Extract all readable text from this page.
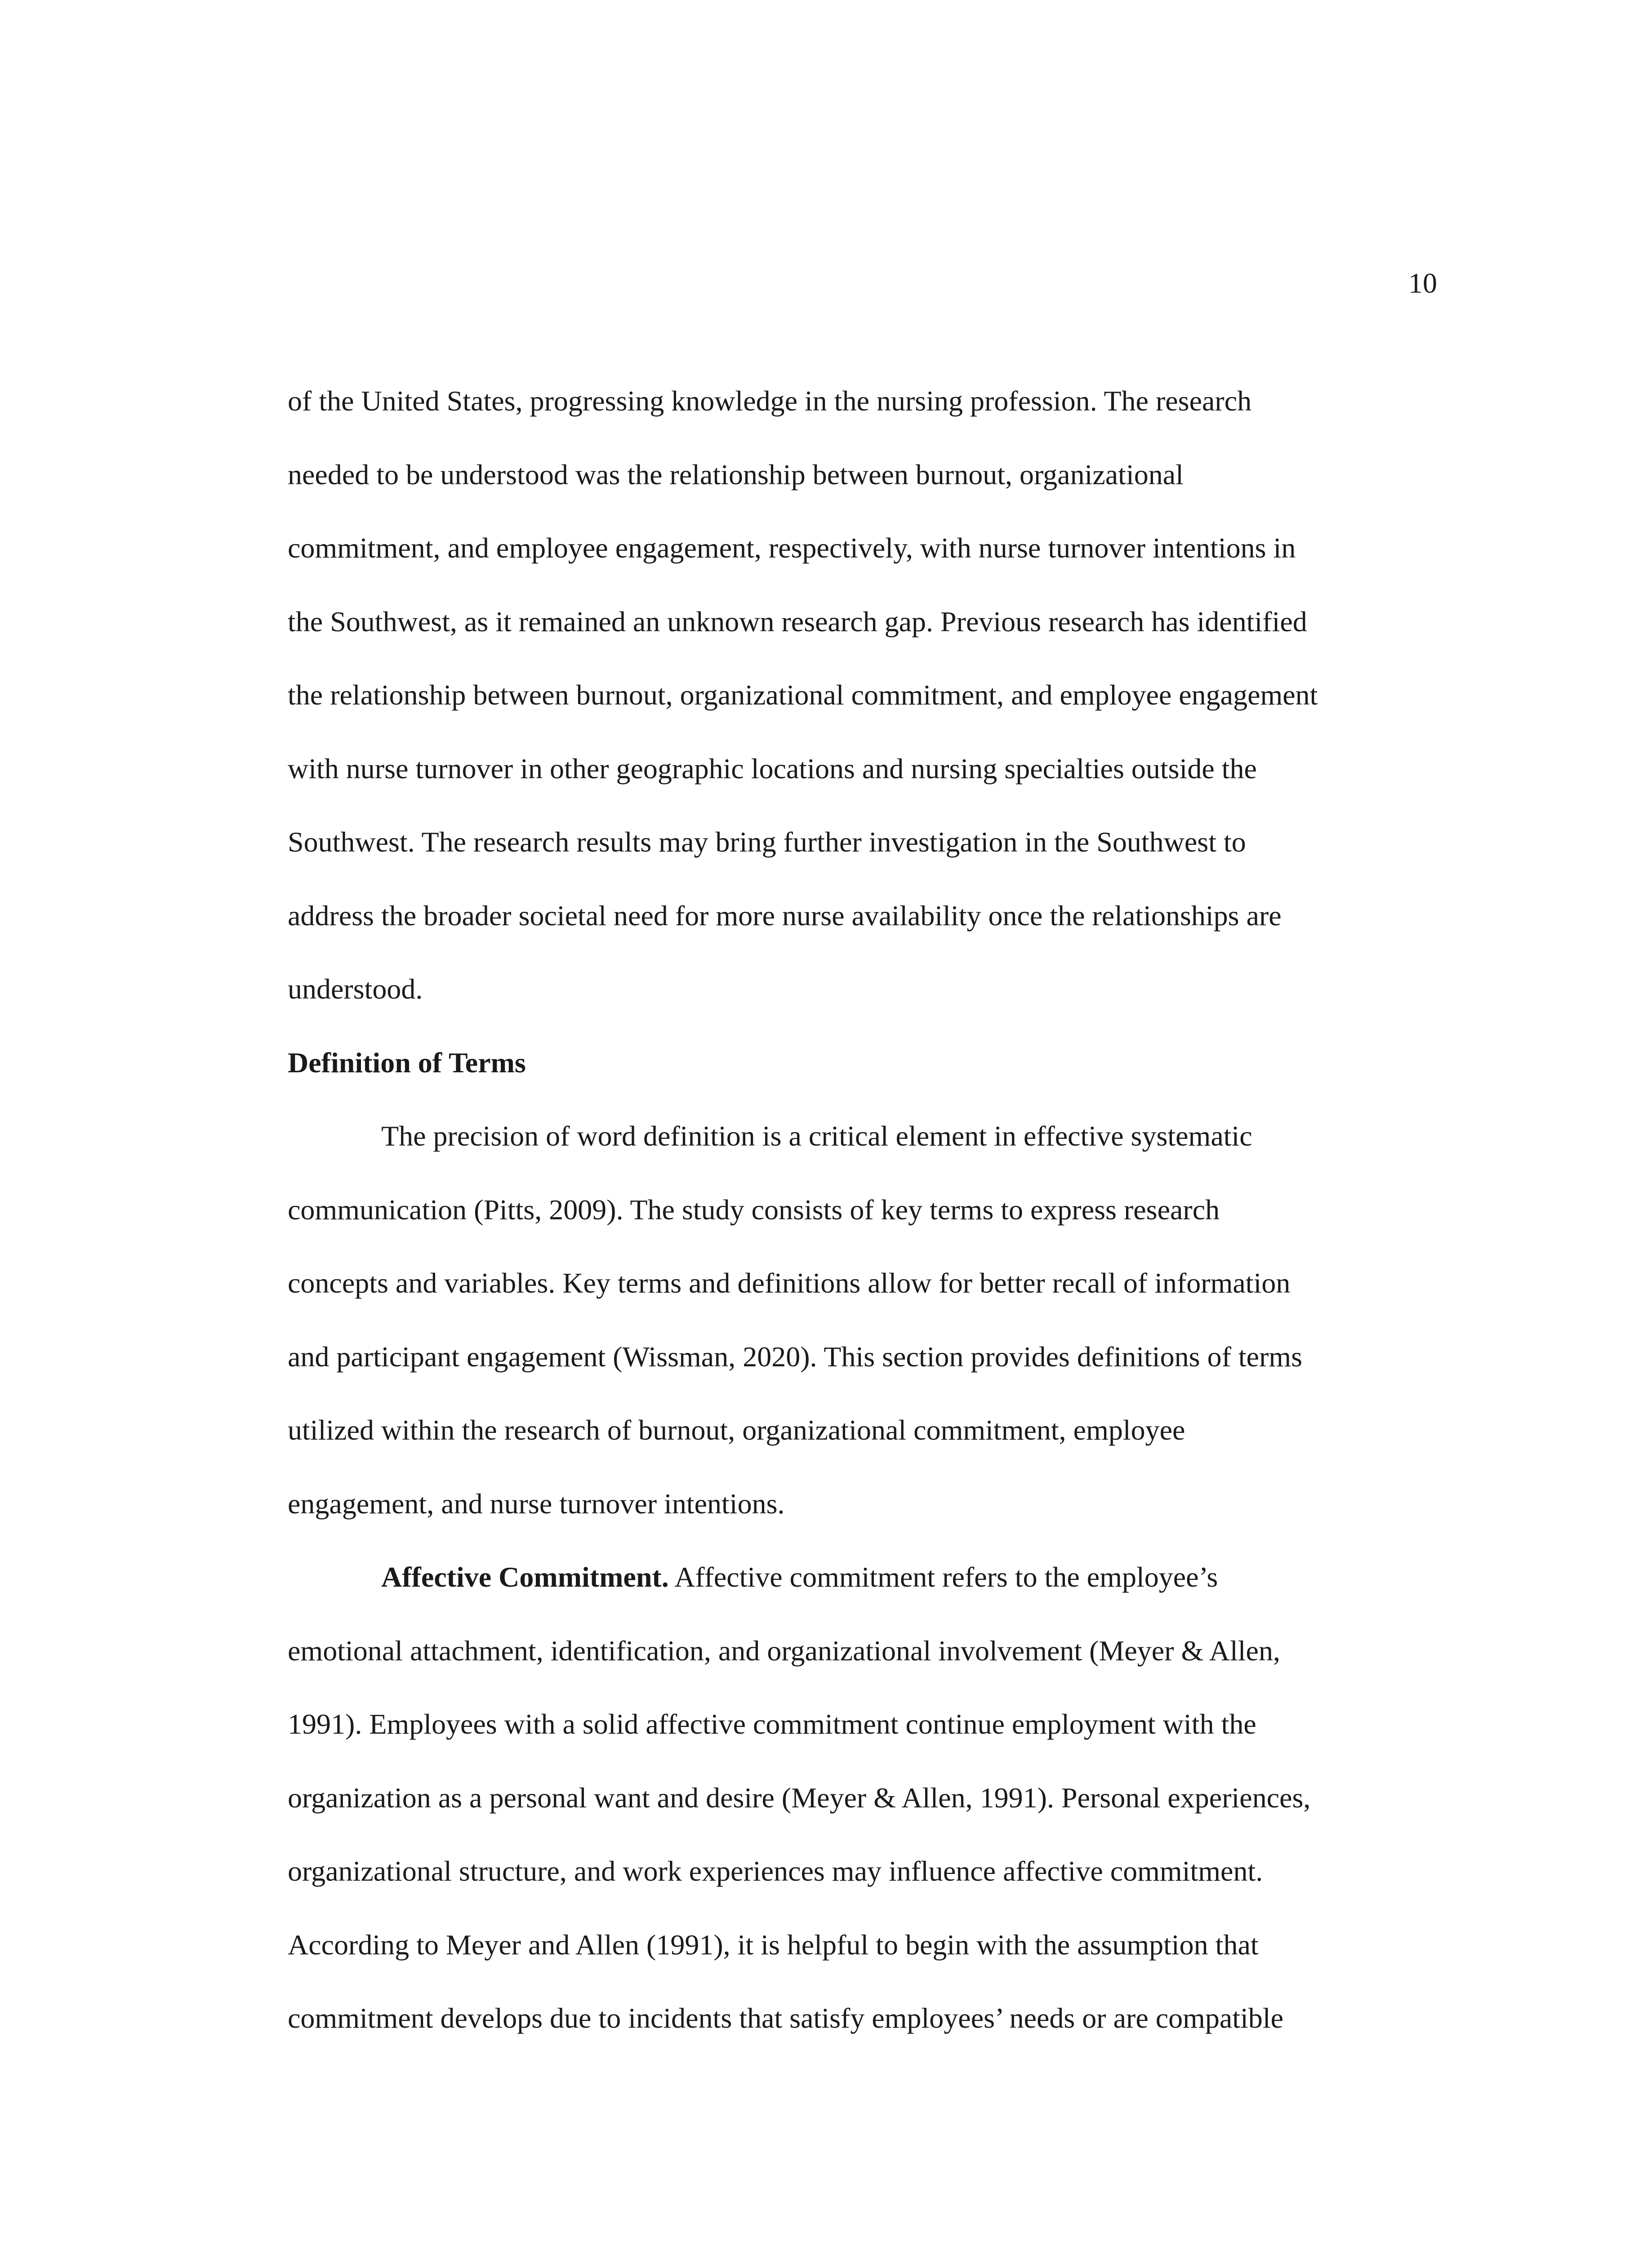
10
of the United States, progressing knowledge in the nursing profession. The research
needed to be understood was the relationship between burnout, organizational
commitment, and employee engagement, respectively, with nurse turnover intentions in
the Southwest, as it remained an unknown research gap. Previous research has identified
the relationship between burnout, organizational commitment, and employee engagement
with nurse turnover in other geographic locations and nursing specialties outside the
Southwest. The research results may bring further investigation in the Southwest to
address the broader societal need for more nurse availability once the relationships are
understood.
Definition of Terms
The precision of word definition is a critical element in effective systematic
communication (Pitts, 2009). The study consists of key terms to express research
concepts and variables. Key terms and definitions allow for better recall of information
and participant engagement (Wissman, 2020). This section provides definitions of terms
utilized within the research of burnout, organizational commitment, employee
engagement, and nurse turnover intentions.
Affective Commitment. Affective commitment refers to the employee’s
emotional attachment, identification, and organizational involvement (Meyer & Allen,
1991). Employees with a solid affective commitment continue employment with the
organization as a personal want and desire (Meyer & Allen, 1991). Personal experiences,
organizational structure, and work experiences may influence affective commitment.
According to Meyer and Allen (1991), it is helpful to begin with the assumption that
commitment develops due to incidents that satisfy employees’ needs or are compatible
